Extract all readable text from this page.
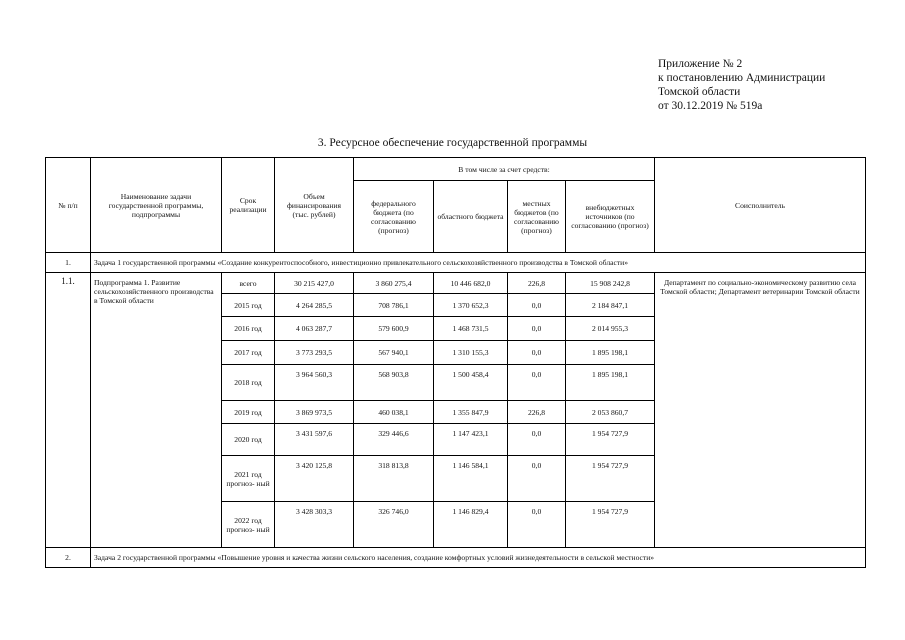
Приложение № 2
к постановлению Администрации
Томской области
от 30.12.2019 № 519а
3. Ресурсное обеспечение государственной программы
№ п/п	Наименование задачи государственной программы, подпрограммы	Срок реализации	Объем финансирования (тыс. рублей)	В том числе за счет средств:				Соисполнитель
				федерального бюджета (по согласованию (прогноз)	областного бюджета	местных бюджетов (по согласованию (прогноз)	внебюджетных источников (по согласованию (прогноз)	
1.	Задача 1 государственной программы «Создание конкурентоспособного, инвестиционно привлекательного сельскохозяйственного производства в Томской области»							
1.1.	Подпрограмма 1. Развитие сельскохозяйственного производства в Томской области	всего	30 215 427,0	3 860 275,4	10 446 682,0	226,8	15 908 242,8	Департамент по социально-экономическому развитию села Томской области; Департамент ветеринарии Томской области
		2015 год	4 264 285,5	708 786,1	1 370 652,3	0,0	2 184 847,1	
		2016 год	4 063 287,7	579 600,9	1 468 731,5	0,0	2 014 955,3	
		2017 год	3 773 293,5	567 940,1	1 310 155,3	0,0	1 895 198,1	
		2018 год	3 964 560,3	568 903,8	1 500 458,4	0,0	1 895 198,1	
		2019 год	3 869 973,5	460 038,1	1 355 847,9	226,8	2 053 860,7	
		2020 год	3 431 597,6	329 446,6	1 147 423,1	0,0	1 954 727,9	
		2021 год прогноз- ный	3 420 125,8	318 813,8	1 146 584,1	0,0	1 954 727,9	
		2022 год прогноз- ный	3 428 303,3	326 746,0	1 146 829,4	0,0	1 954 727,9	
2.	Задача 2 государственной программы «Повышение уровня и качества жизни сельского населения, создание комфортных условий жизнедеятельности в сельской местности»							
